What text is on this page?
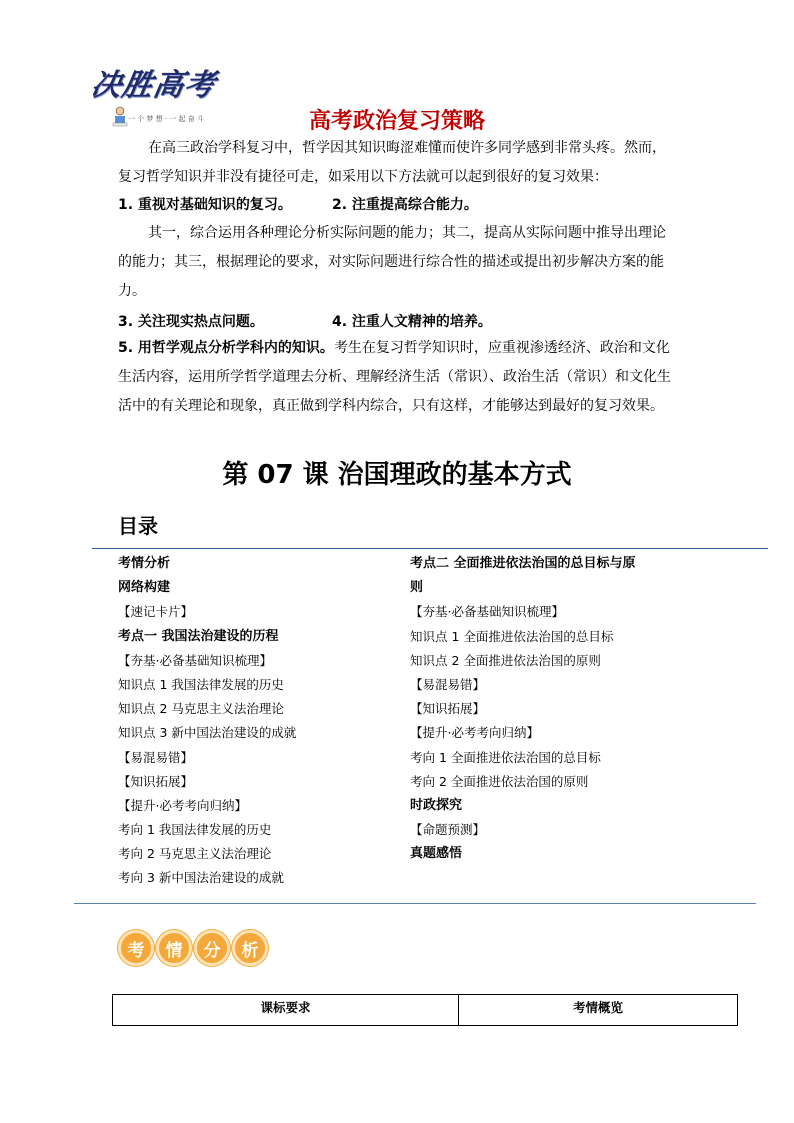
决胜高考
一 个 梦 想 · 一 起 奋 斗	高考政治复习策略
在高三政治学科复习中，哲学因其知识晦涩难懂而使许多同学感到非常头疼。然而，复习哲学知识并非没有捷径可走，如采用以下方法就可以起到很好的复习效果：
1. 重视对基础知识的复习。	2. 注重提高综合能力。
其一，综合运用各种理论分析实际问题的能力；其二，提高从实际问题中推导出理论的能力；其三，根据理论的要求，对实际问题进行综合性的描述或提出初步解决方案的能力。
3. 关注现实热点问题。	4. 注重人文精神的培养。
5. 用哲学观点分析学科内的知识。考生在复习哲学知识时，应重视渗透经济、政治和文化生活内容，运用所学哲学道理去分析、理解经济生活（常识）、政治生活（常识）和文化生活中的有关理论和现象，真正做到学科内综合，只有这样，才能够达到最好的复习效果。
第 07 课 治国理政的基本方式
目录
考情分析
网络构建
【速记卡片】
考点一 我国法治建设的历程
【夯基·必备基础知识梳理】
知识点 1 我国法律发展的历史
知识点 2 马克思主义法治理论
知识点 3 新中国法治建设的成就
【易混易错】
【知识拓展】
【提升·必考考向归纳】
考向 1 我国法律发展的历史
考向 2 马克思主义法治理论
考向 3 新中国法治建设的成就
考点二 全面推进依法治国的总目标与原
则
【夯基·必备基础知识梳理】
知识点 1 全面推进依法治国的总目标
知识点 2 全面推进依法治国的原则
【易混易错】
【知识拓展】
【提升·必考考向归纳】
考向 1 全面推进依法治国的总目标
考向 2 全面推进依法治国的原则
时政探究
【命题预测】
真题感悟
考	情	分	析
课标要求	考情概览
